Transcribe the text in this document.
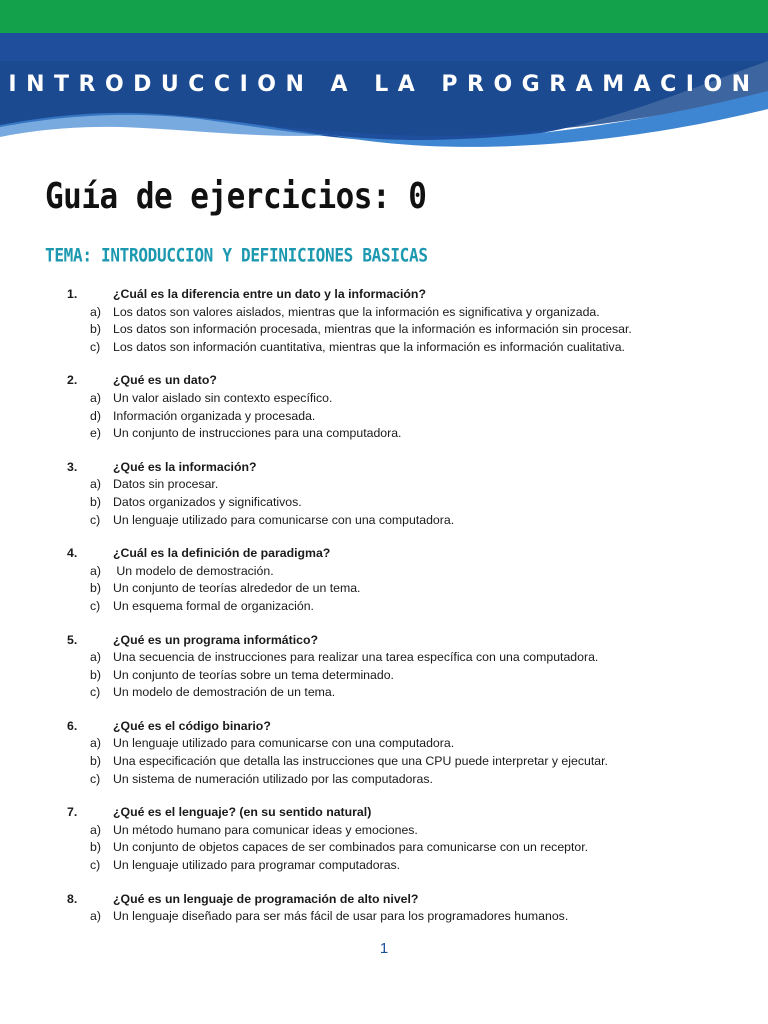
INTRODUCCION A LA PROGRAMACION
Guía de ejercicios: 0
TEMA: INTRODUCCION Y DEFINICIONES BASICAS
1.	¿Cuál es la diferencia entre un dato y la información?
a) Los datos son valores aislados, mientras que la información es significativa y organizada.
b) Los datos son información procesada, mientras que la información es información sin procesar.
c) Los datos son información cuantitativa, mientras que la información es información cualitativa.
2.	¿Qué es un dato?
a) Un valor aislado sin contexto específico.
d) Información organizada y procesada.
e) Un conjunto de instrucciones para una computadora.
3.	¿Qué es la información?
a) Datos sin procesar.
b) Datos organizados y significativos.
c) Un lenguaje utilizado para comunicarse con una computadora.
4.	¿Cuál es la definición de paradigma?
a) Un modelo de demostración.
b) Un conjunto de teorías alrededor de un tema.
c) Un esquema formal de organización.
5.	¿Qué es un programa informático?
a) Una secuencia de instrucciones para realizar una tarea específica con una computadora.
b) Un conjunto de teorías sobre un tema determinado.
c) Un modelo de demostración de un tema.
6.	¿Qué es el código binario?
a) Un lenguaje utilizado para comunicarse con una computadora.
b) Una especificación que detalla las instrucciones que una CPU puede interpretar y ejecutar.
c) Un sistema de numeración utilizado por las computadoras.
7.	¿Qué es el lenguaje? (en su sentido natural)
a) Un método humano para comunicar ideas y emociones.
b) Un conjunto de objetos capaces de ser combinados para comunicarse con un receptor.
c) Un lenguaje utilizado para programar computadoras.
8.	¿Qué es un lenguaje de programación de alto nivel?
a) Un lenguaje diseñado para ser más fácil de usar para los programadores humanos.
1
